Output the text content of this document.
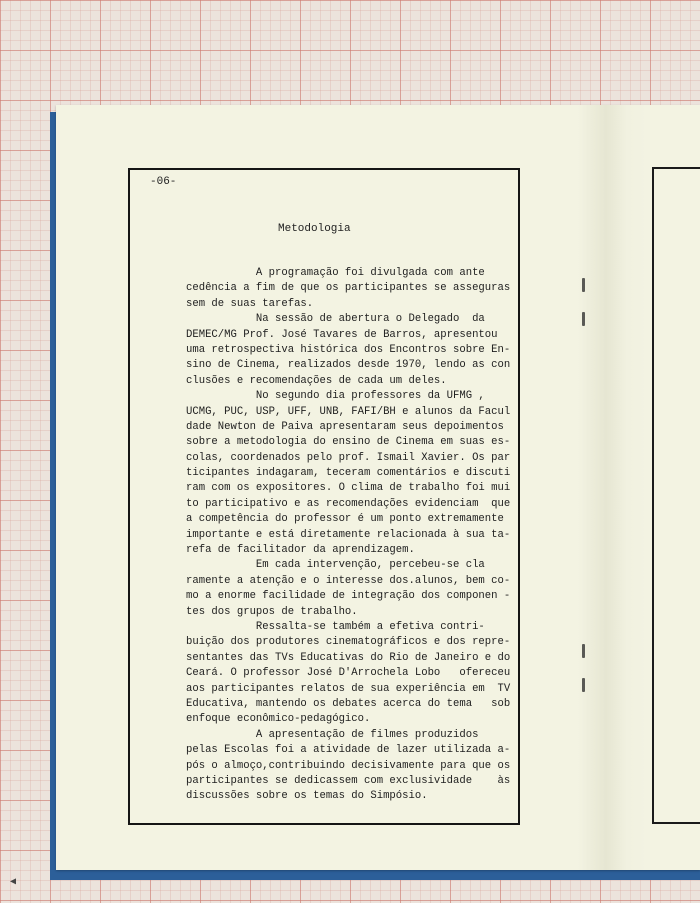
-06-
Metodologia
A programação foi divulgada com ante
cedência a fim de que os participantes se asseguras
sem de suas tarefas.
Na sessão de abertura o Delegado  da
DEMEC/MG Prof. José Tavares de Barros, apresentou
uma retrospectiva histórica dos Encontros sobre En-
sino de Cinema, realizados desde 1970, lendo as con
clusões e recomendações de cada um deles.
No segundo dia professores da UFMG ,
UCMG, PUC, USP, UFF, UNB, FAFI/BH e alunos da Facul
dade Newton de Paiva apresentaram seus depoimentos
sobre a metodologia do ensino de Cinema em suas es-
colas, coordenados pelo prof. Ismail Xavier. Os par
ticipantes indagaram, teceram comentários e discuti
ram com os expositores. O clima de trabalho foi mui
to participativo e as recomendações evidenciam  que
a competência do professor é um ponto extremamente
importante e está diretamente relacionada à sua ta-
refa de facilitador da aprendizagem.
Em cada intervenção, percebeu-se cla
ramente a atenção e o interesse dos.alunos, bem co-
mo a enorme facilidade de integração dos componen -
tes dos grupos de trabalho.
Ressalta-se também a efetiva contri-
buição dos produtores cinematográficos e dos repre-
sentantes das TVs Educativas do Rio de Janeiro e do
Ceará. O professor José D'Arrochela Lobo   ofereceu
aos participantes relatos de sua experiência em  TV
Educativa, mantendo os debates acerca do tema   sob
enfoque econômico-pedagógico.
A apresentação de filmes produzidos
pelas Escolas foi a atividade de lazer utilizada a-
pós o almoço,contribuindo decisivamente para que os
participantes se dedicassem com exclusividade    às
discussões sobre os temas do Simpósio.
◀
